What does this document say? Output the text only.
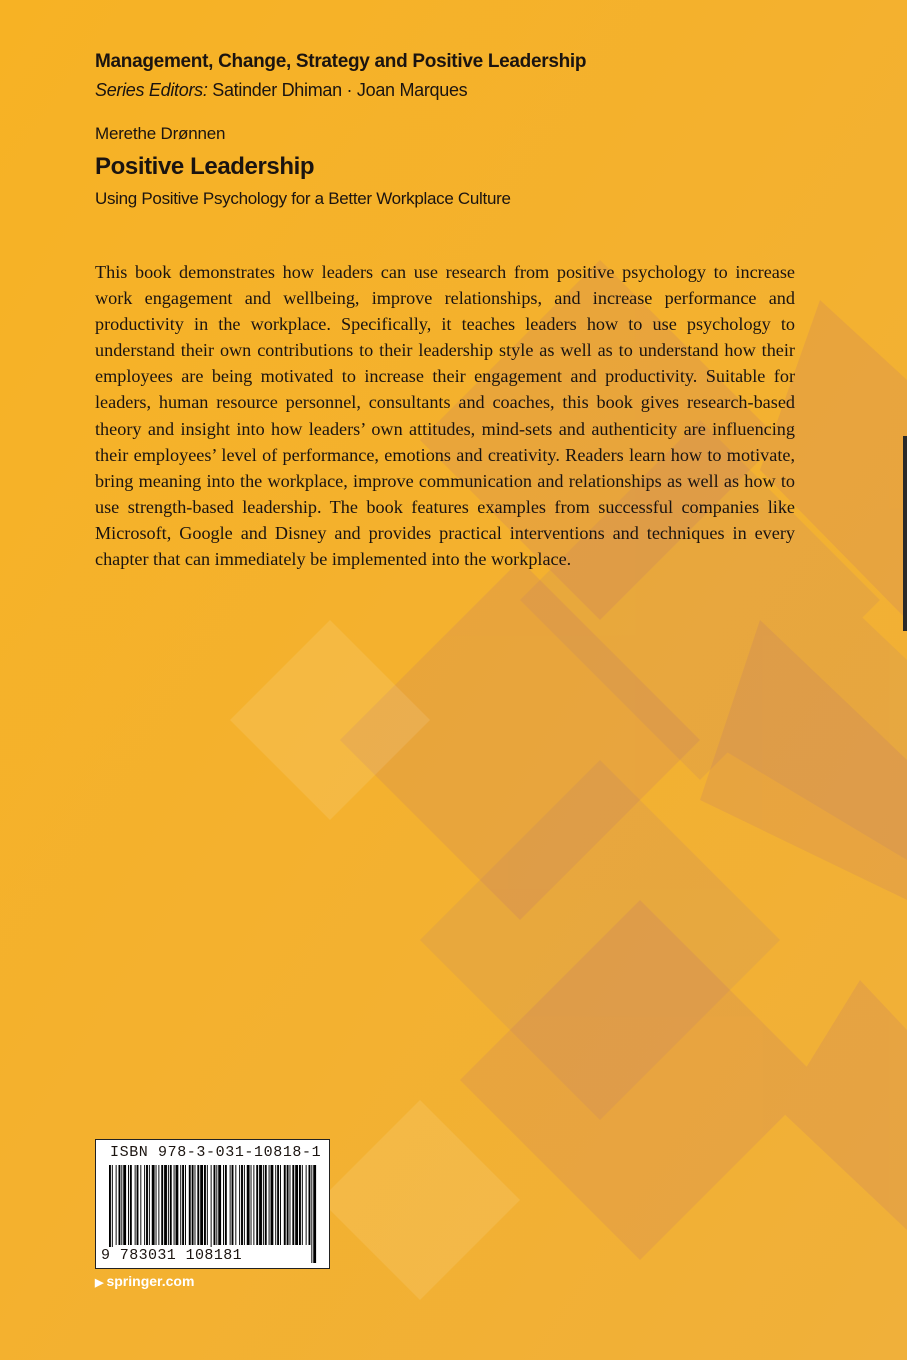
Management, Change, Strategy and Positive Leadership
Series Editors: Satinder Dhiman · Joan Marques
Merethe Drønnen
Positive Leadership
Using Positive Psychology for a Better Workplace Culture

This book demonstrates how leaders can use research from positive psychology to increase work engagement and wellbeing, improve relationships, and increase performance and productivity in the workplace. Specifically, it teaches leaders how to use psychology to understand their own contributions to their leadership style as well as to understand how their employees are being motivated to increase their engagement and productivity. Suitable for leaders, human resource personnel, consultants and coaches, this book gives research-based theory and insight into how leaders’ own attitudes, mind-sets and authenticity are influencing their employees’ level of performance, emotions and creativity. Readers learn how to motivate, bring meaning into the workplace, improve communication and relationships as well as how to use strength-based leadership. The book features examples from successful companies like Microsoft, Google and Disney and provides practical interventions and techniques in every chapter that can immediately be implemented into the workplace.

ISBN 978-3-031-10818-1
9 783031 108181
▶ springer.com
